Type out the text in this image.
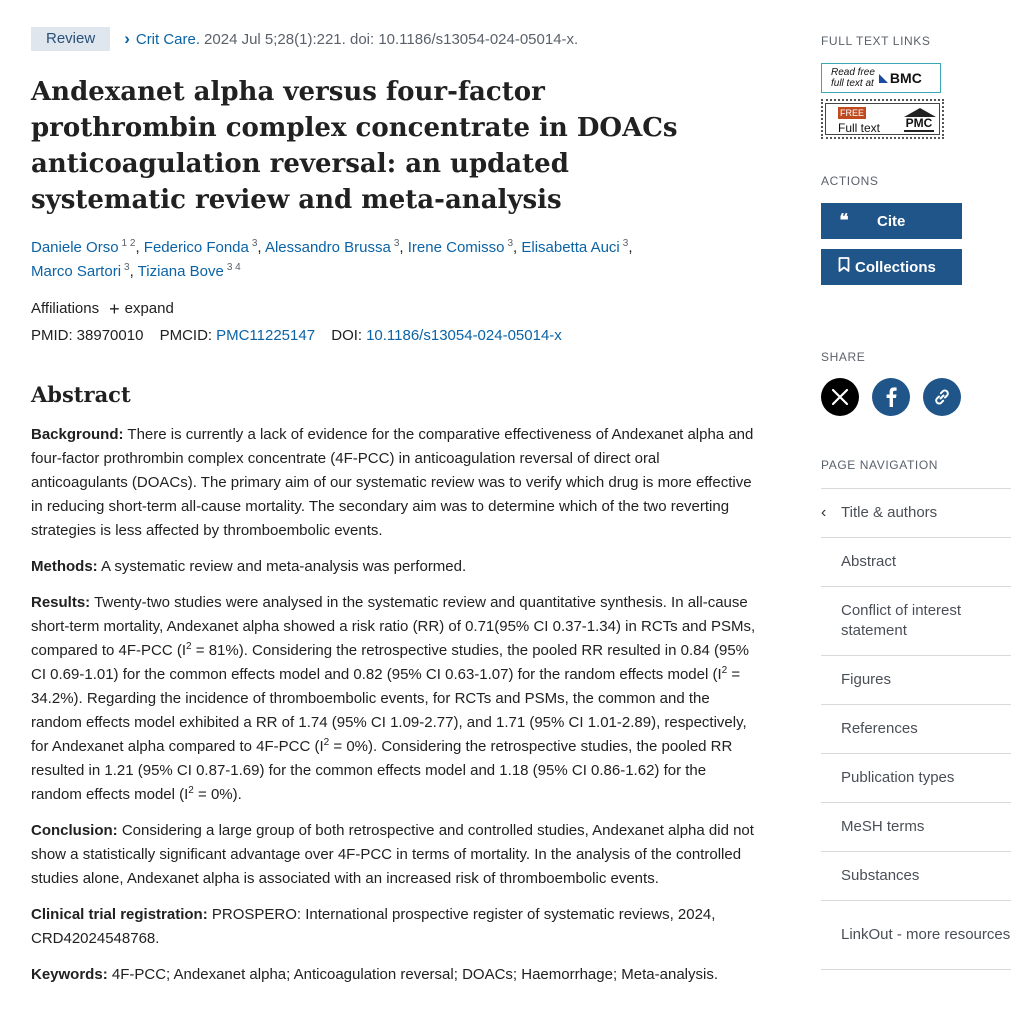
Review	› Crit Care. 2024 Jul 5;28(1):221. doi: 10.1186/s13054-024-05014-x.
Andexanet alpha versus four-factor prothrombin complex concentrate in DOACs anticoagulation reversal: an updated systematic review and meta-analysis
Daniele Orso $^{1 2}$, Federico Fonda $^3$, Alessandro Brussa $^3$, Irene Comisso $^3$, Elisabetta Auci $^3$,
Marco Sartori $^3$, Tiziana Bove $^{3 4}$
Affiliations + expand
PMID: 38970010 PMCID: PMC11225147 DOI: 10.1186/s13054-024-05014-x
Abstract

Background: There is currently a lack of evidence for the comparative effectiveness of Andexanet alpha and four-factor prothrombin complex concentrate (4F-PCC) in anticoagulation reversal of direct oral anticoagulants (DOACs). The primary aim of our systematic review was to verify which drug is more effective in reducing short-term all-cause mortality. The secondary aim was to determine which of the two reverting strategies is less affected by thromboembolic events.

Methods: A systematic review and meta-analysis was performed.

Results: Twenty-two studies were analysed in the systematic review and quantitative synthesis. In all-cause short-term mortality, Andexanet alpha showed a risk ratio (RR) of 0.71(95% CI 0.37-1.34) in RCTs and PSMs, compared to 4F-PCC $(I^2 = 81\%)$. Considering the retrospective studies, the pooled RR resulted in 0.84 (95% CI 0.69-1.01) for the common effects model and 0.82 (95% CI 0.63-1.07) for the random effects model $(I^2 = 34.2\%)$. Regarding the incidence of thromboembolic events, for RCTs and PSMs, the common and the random effects model exhibited a RR of 1.74 (95% CI 1.09-2.77), and 1.71 (95% CI 1.01-2.89), respectively, for Andexanet alpha compared to 4F-PCC $(I^2 = 0\%)$. Considering the retrospective studies, the pooled RR resulted in 1.21 (95% CI 0.87-1.69) for the common effects model and 1.18 (95% CI 0.86-1.62) for the random effects model $(I^2 = 0\%)$.

Conclusion: Considering a large group of both retrospective and controlled studies, Andexanet alpha did not show a statistically significant advantage over 4F-PCC in terms of mortality. In the analysis of the controlled studies alone, Andexanet alpha is associated with an increased risk of thromboembolic events.

Clinical trial registration: PROSPERO: International prospective register of systematic reviews, 2024, CRD42024548768.

Keywords: 4F-PCC; Andexanet alpha; Anticoagulation reversal; DOACs; Haemorrhage; Meta-analysis.

FULL TEXT LINKS
Read free
full text at BMC
FREE
Full text PMC
ACTIONS
❝	Cite
Collections
SHARE
PAGE NAVIGATION
‹ Title & authors
Abstract
Conflict of interest statement
Figures
References
Publication types
MeSH terms
Substances
LinkOut - more resources
